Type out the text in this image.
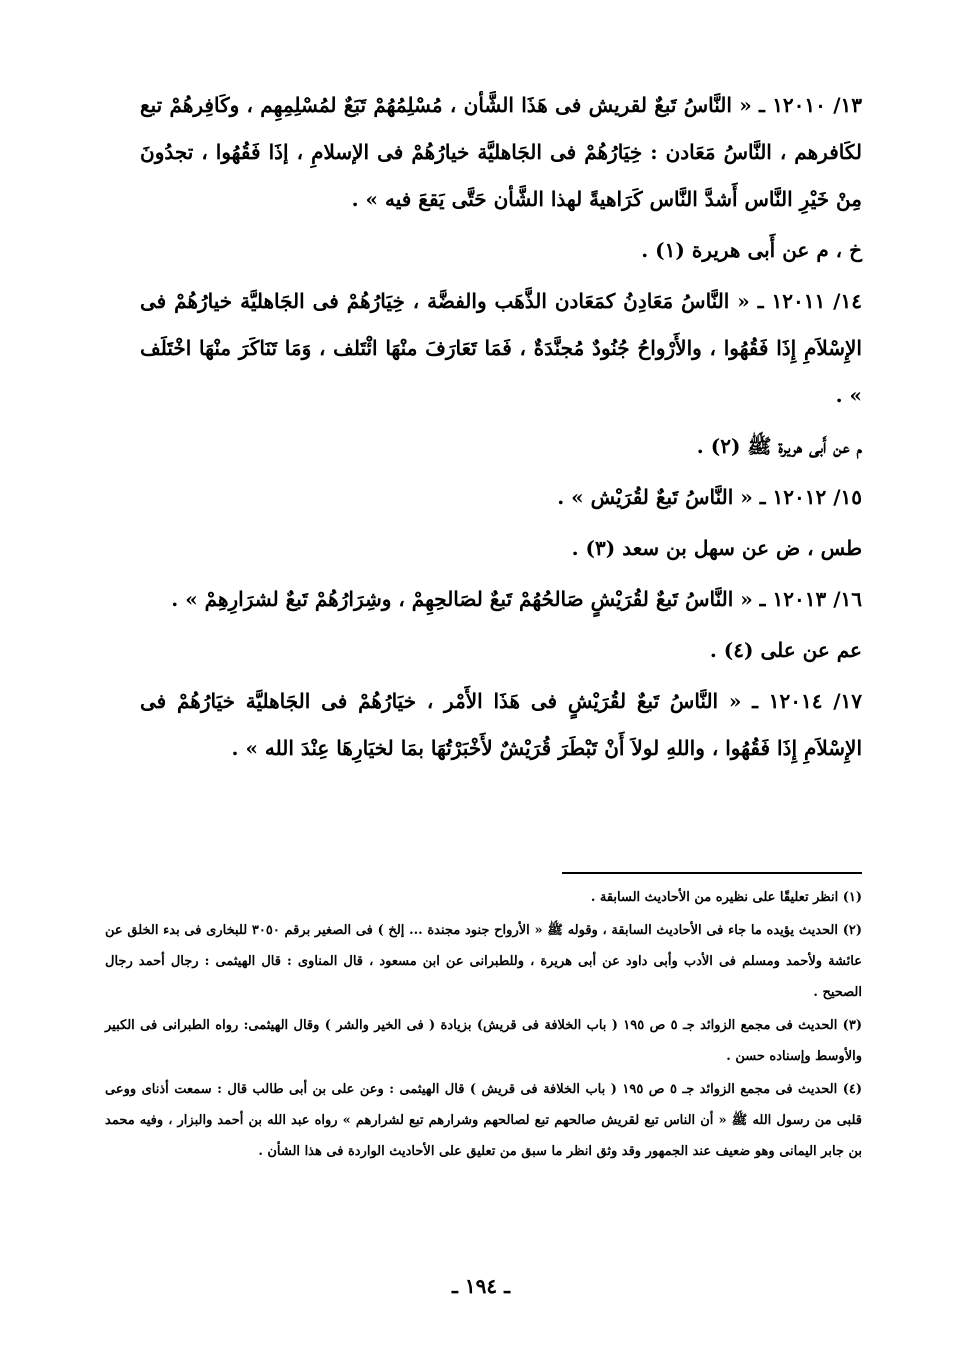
١٣/ ١٢٠١٠ ـ « النَّاسُ تَبعٌ لقريش فى هَذَا الشَّأن ، مُسْلِمُهُمْ تَبَعٌ لمُسْلِمِهِم ، وكَافِرهُمْ تبع لكَافرهم ، النَّاسُ مَعَادن : خِيَارُهُمْ فى الجَاهليَّة خيارُهُمْ فى الإسلامِ ، إذَا فَقُهُوا ، تجدُونَ مِنْ خَيْرِ النَّاس أَشدَّ النَّاس كَرَاهيةً لهذا الشَّأن حَتَّى يَقعَ فيه » .

خ ، م عن أَبى هريرة (١) .

١٤/ ١٢٠١١ ـ « النَّاسُ مَعَادِنُ كمَعَادن الذَّهَب والفضَّة ، خِيَارُهُمْ فى الجَاهليَّة خيارُهُمْ فى الإِسْلاَمِ إِذَا فَقُهُوا ، والأَرْواحُ جُنُودٌ مُجنَّدَةٌ ، فَمَا تَعَارَفَ منْهَا ائْتَلف ، وَمَا تَنَاكَرَ منْهَا اخْتَلَف » .

م عن أَبى هريرة ﷺ (٢) .

١٥/ ١٢٠١٢ ـ « النَّاسُ تَبعٌ لقُرَيْش » .

طس ، ض عن سهل بن سعد (٣) .

١٦/ ١٢٠١٣ ـ « النَّاسُ تَبعٌ لقُرَيْشٍ صَالحُهُمْ تَبعٌ لصَالحِهِمْ ، وشِرَارُهُمْ تَبعٌ لشرَارِهِمْ » .

عم عن على (٤) .

١٧/ ١٢٠١٤ ـ « النَّاسُ تَبعٌ لقُرَيْشٍ فى هَذَا الأَمْر ، خيَارُهُمْ فى الجَاهليَّة خيَارُهُمْ فى الإِسْلاَمِ إِذَا فَقُهُوا ، واللهِ لولاَ أَنْ تَبْطَرَ قُرَيْشٌ لأَخْبَرْتُهَا بمَا لخيَارِهَا عِنْدَ الله » .

(١) انظر تعليقًا على نظيره من الأحاديث السابقة .

(٢) الحديث يؤيده ما جاء فى الأحاديث السابقة ، وقوله ﷺ « الأرواح جنود مجندة ... إلخ ) فى الصغير برقم ٣٠٥٠ للبخارى فى بدء الخلق عن عائشة ولأحمد ومسلم فى الأدب وأبى داود عن أبى هريرة ، وللطبرانى عن ابن مسعود ، قال المناوى : قال الهيثمى : رجال أحمد رجال الصحيح .

(٣) الحديث فى مجمع الزوائد جـ ٥ ص ١٩٥ ( باب الخلافة فى قريش) بزيادة ( فى الخير والشر ) وقال الهيثمى: رواه الطبرانى فى الكبير والأوسط وإسناده حسن .

(٤) الحديث فى مجمع الزوائد جـ ٥ ص ١٩٥ ( باب الخلافة فى قريش ) قال الهيثمى : وعن على بن أبى طالب قال : سمعت أذناى ووعى قلبى من رسول الله ﷺ « أن الناس تبع لقريش صالحهم تبع لصالحهم وشرارهم تبع لشرارهم » رواه عبد الله بن أحمد والبزار ، وفيه محمد بن جابر اليمانى وهو ضعيف عند الجمهور وقد وثق انظر ما سبق من تعليق على الأحاديث الواردة فى هذا الشأن .

ـ ١٩٤ ـ
